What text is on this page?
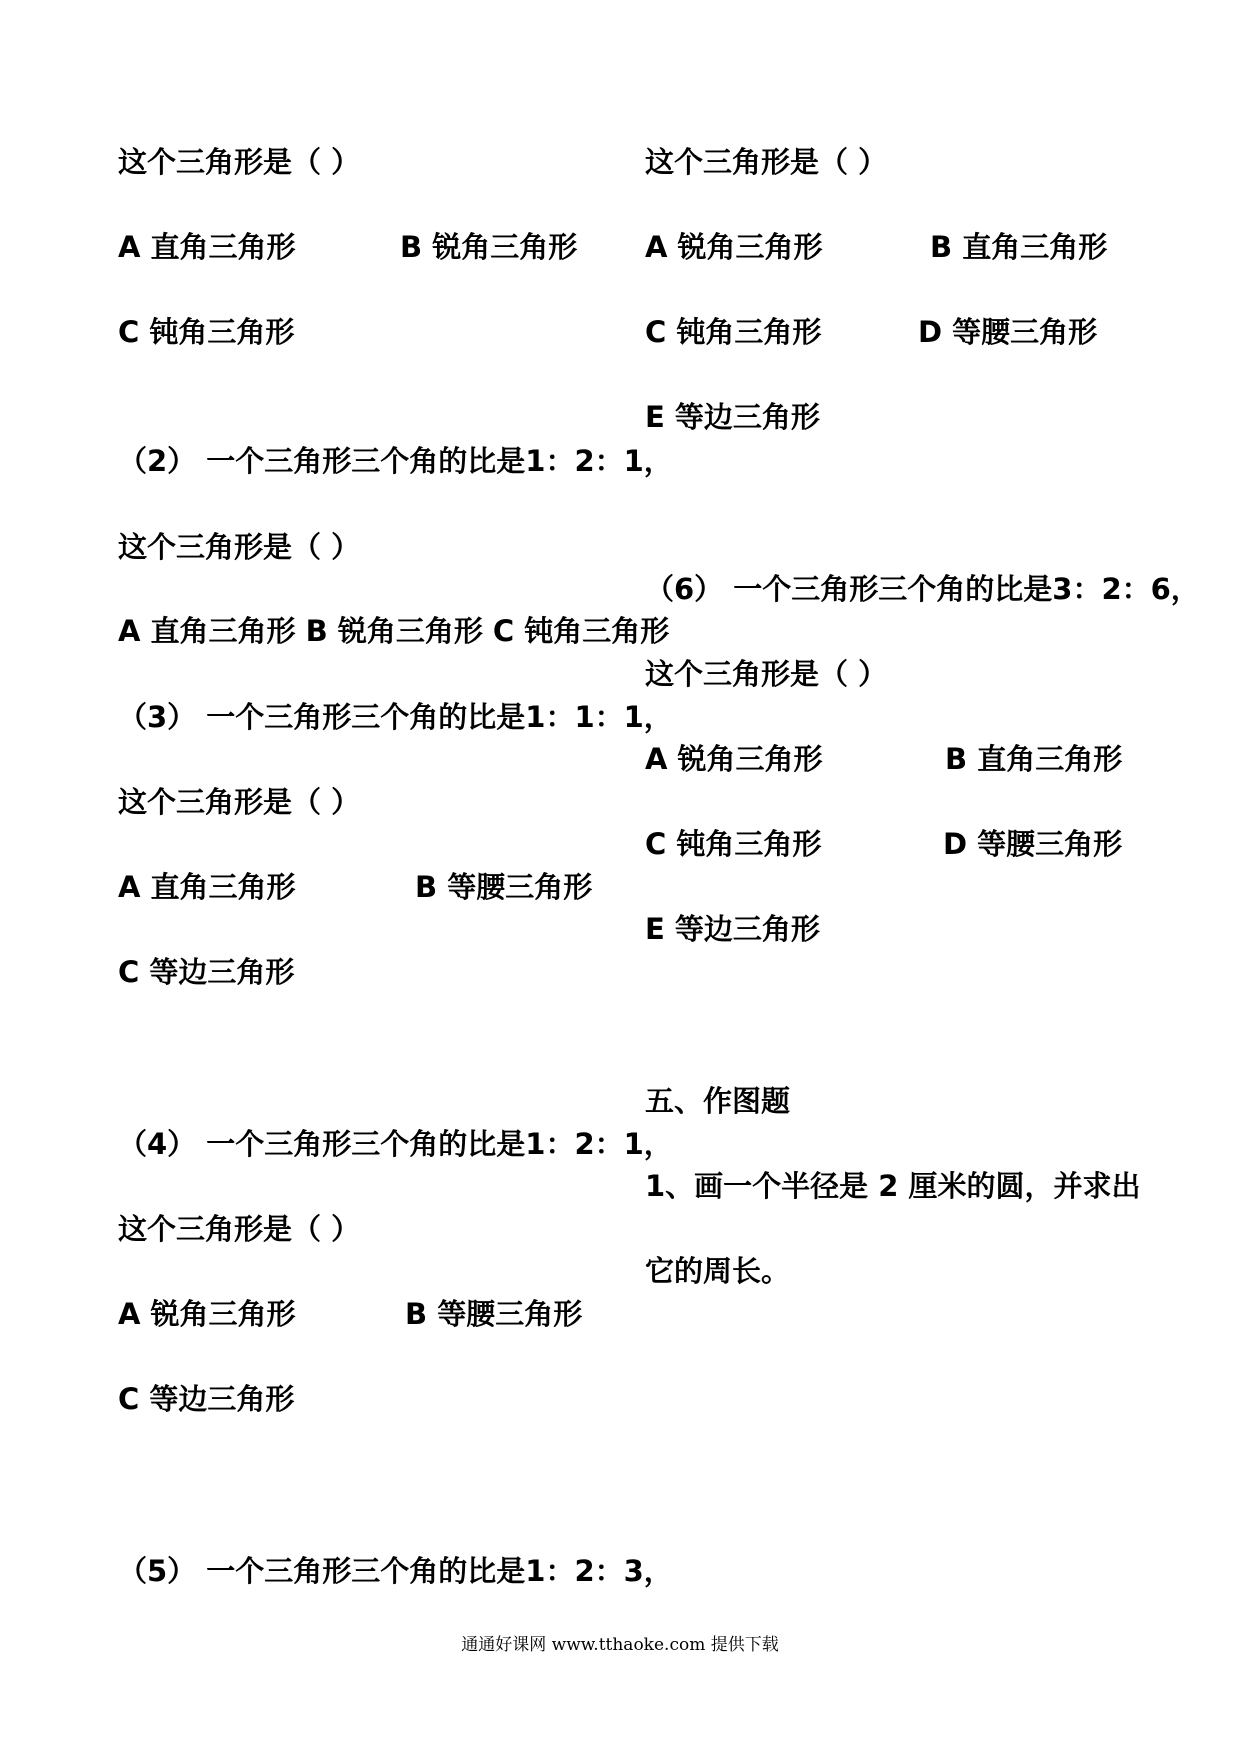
这个三角形是（ ）
A 直角三角形	B 锐角三角形
C 钝角三角形
（2） 一个三角形三个角的比是1：2：1，
这个三角形是（ ）
A 直角三角形 B 锐角三角形 C 钝角三角形
（3） 一个三角形三个角的比是1：1：1，
这个三角形是（ ）
A 直角三角形	B 等腰三角形
C 等边三角形
（4） 一个三角形三个角的比是1：2：1，
这个三角形是（ ）
A 锐角三角形	B 等腰三角形
C 等边三角形
（5） 一个三角形三个角的比是1：2：3，
这个三角形是（ ）
A 锐角三角形	B 直角三角形
C 钝角三角形	D 等腰三角形
E 等边三角形
（6） 一个三角形三个角的比是3：2：6，
这个三角形是（ ）
A 锐角三角形	B 直角三角形
C 钝角三角形	D 等腰三角形
E 等边三角形
五、作图题
1、画一个半径是 2 厘米的圆，并求出
它的周长。
通通好课网 www.tthaoke.com 提供下载
